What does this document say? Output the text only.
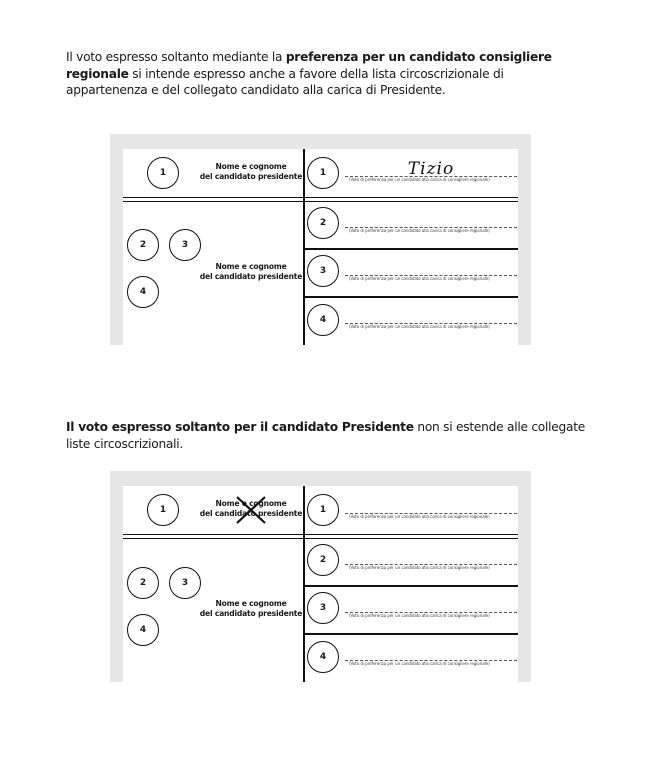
Il voto espresso soltanto mediante la preferenza per un candidato consigliere regionale si intende espresso anche a favore della lista circoscrizionale di appartenenza e del collegato candidato alla carica di Presidente.
1
Nome e cognome
del candidato presidente
2	3
4
Nome e cognome
del candidato presidente
1	Tizio
(Voto di preferenza per un candidato alla carica di consigliere regionale)
2
(Voto di preferenza per un candidato alla carica di consigliere regionale)
3
(Voto di preferenza per un candidato alla carica di consigliere regionale)
4
(Voto di preferenza per un candidato alla carica di consigliere regionale)
Il voto espresso soltanto per il candidato Presidente non si estende alle collegate liste circoscrizionali.
1
Nome e cognome
del candidato presidente
2	3
4
Nome e cognome
del candidato presidente
1
(Voto di preferenza per un candidato alla carica di consigliere regionale)
2
(Voto di preferenza per un candidato alla carica di consigliere regionale)
3
(Voto di preferenza per un candidato alla carica di consigliere regionale)
4
(Voto di preferenza per un candidato alla carica di consigliere regionale)
